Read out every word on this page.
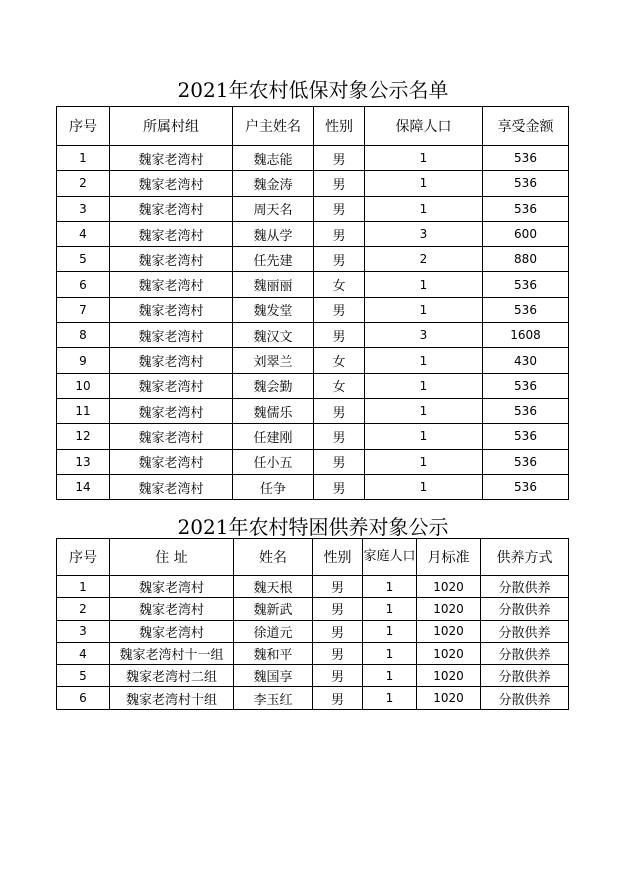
2021年农村低保对象公示名单
序号	所属村组	户主姓名	性别	保障人口	享受金额
1	魏家老湾村	魏志能	男	1	536
2	魏家老湾村	魏金涛	男	1	536
3	魏家老湾村	周天名	男	1	536
4	魏家老湾村	魏从学	男	3	600
5	魏家老湾村	任先建	男	2	880
6	魏家老湾村	魏丽丽	女	1	536
7	魏家老湾村	魏发堂	男	1	536
8	魏家老湾村	魏汉文	男	3	1608
9	魏家老湾村	刘翠兰	女	1	430
10	魏家老湾村	魏会勤	女	1	536
11	魏家老湾村	魏儒乐	男	1	536
12	魏家老湾村	任建刚	男	1	536
13	魏家老湾村	任小五	男	1	536
14	魏家老湾村	任争	男	1	536
2021年农村特困供养对象公示
序号	住 址	姓名	性别	家庭人口	月标准	供养方式
1	魏家老湾村	魏天根	男	1	1020	分散供养
2	魏家老湾村	魏新武	男	1	1020	分散供养
3	魏家老湾村	徐道元	男	1	1020	分散供养
4	魏家老湾村十一组	魏和平	男	1	1020	分散供养
5	魏家老湾村二组	魏国享	男	1	1020	分散供养
6	魏家老湾村十组	李玉红	男	1	1020	分散供养
